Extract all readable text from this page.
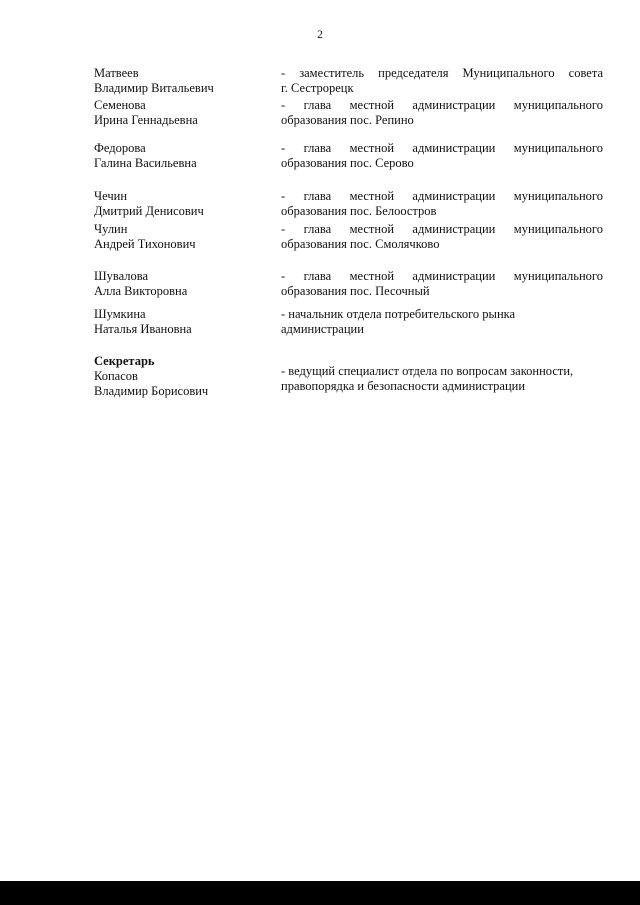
2
Матвеев
Владимир Витальевич
- заместитель председателя Муниципального совета
г. Сестрорецк
Семенова
Ирина Геннадьевна
- глава местной администрации муниципального
образования пос. Репино
Федорова
Галина Васильевна
- глава местной администрации муниципального
образования пос. Серово
Чечин
Дмитрий Денисович
- глава местной администрации муниципального
образования пос. Белоостров
Чулин
Андрей Тихонович
- глава местной администрации муниципального
образования пос. Смолячково
Шувалова
Алла Викторовна
- глава местной администрации муниципального
образования пос. Песочный
Шумкина
Наталья Ивановна
- начальник отдела потребительского рынка
администрации
Секретарь
Копасов
Владимир Борисович
- ведущий специалист отдела по вопросам законности,
правопорядка и безопасности администрации
